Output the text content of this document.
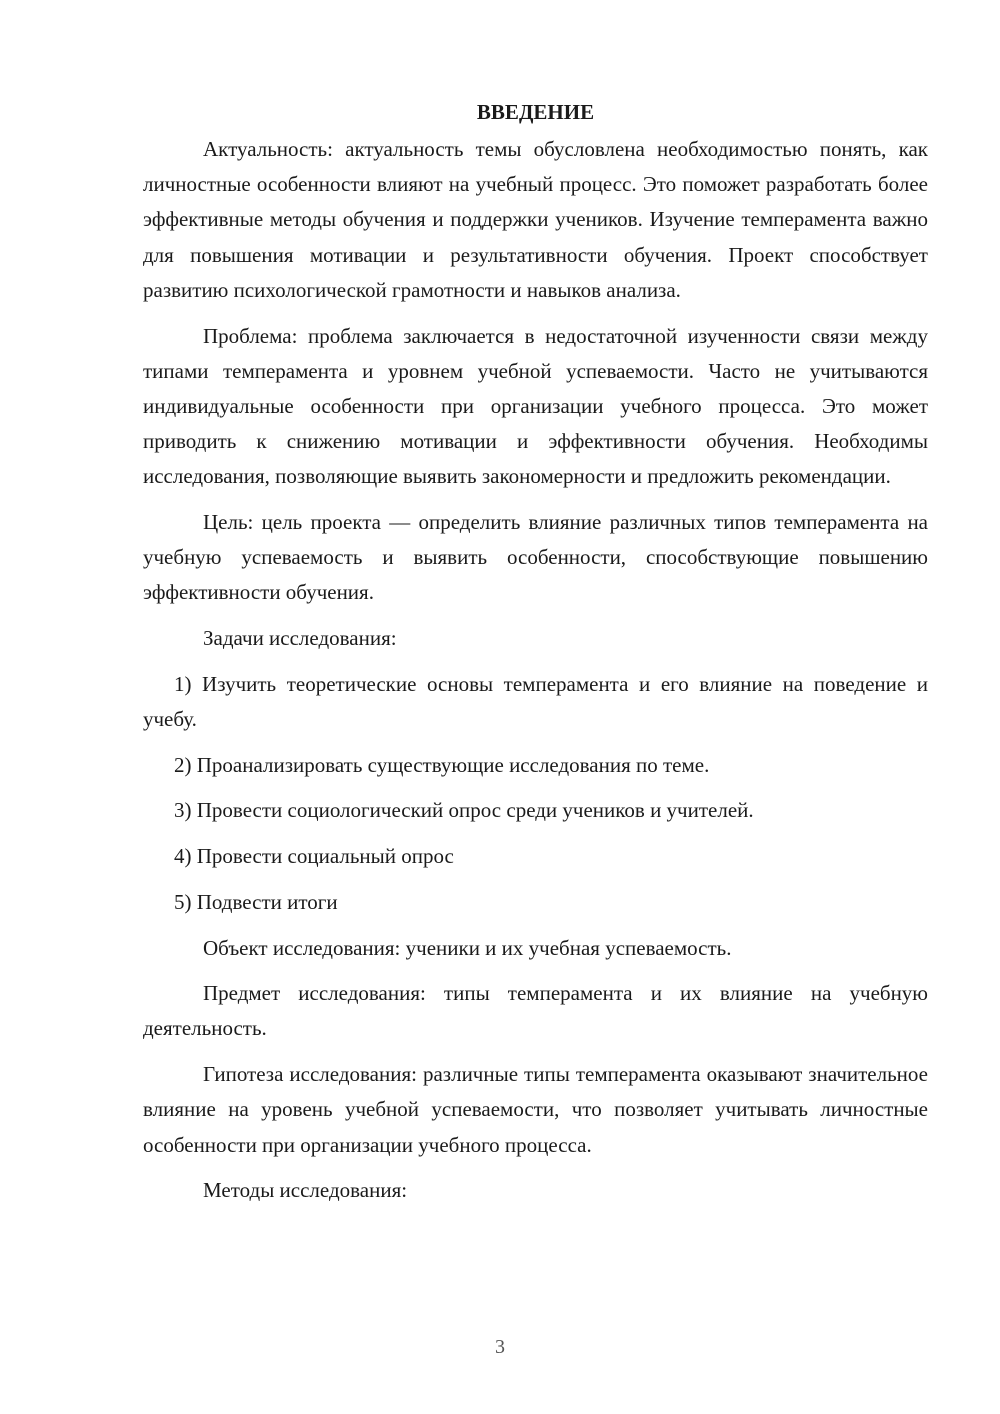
ВВЕДЕНИЕ

Актуальность: актуальность темы обусловлена необходимостью понять, как личностные особенности влияют на учебный процесс. Это поможет разработать более эффективные методы обучения и поддержки учеников. Изучение темперамента важно для повышения мотивации и результативности обучения. Проект способствует развитию психологической грамотности и навыков анализа.

Проблема: проблема заключается в недостаточной изученности связи между типами темперамента и уровнем учебной успеваемости. Часто не учитываются индивидуальные особенности при организации учебного процесса. Это может приводить к снижению мотивации и эффективности обучения. Необходимы исследования, позволяющие выявить закономерности и предложить рекомендации.

Цель: цель проекта — определить влияние различных типов темперамента на учебную успеваемость и выявить особенности, способствующие повышению эффективности обучения.

Задачи исследования:

1) Изучить теоретические основы темперамента и его влияние на поведение и учебу.

2) Проанализировать существующие исследования по теме.

3) Провести социологический опрос среди учеников и учителей.

4) Провести социальный опрос

5) Подвести итоги

Объект исследования: ученики и их учебная успеваемость.

Предмет исследования: типы темперамента и их влияние на учебную деятельность.

Гипотеза исследования: различные типы темперамента оказывают значительное влияние на уровень учебной успеваемости, что позволяет учитывать личностные особенности при организации учебного процесса.

Методы исследования:

3
